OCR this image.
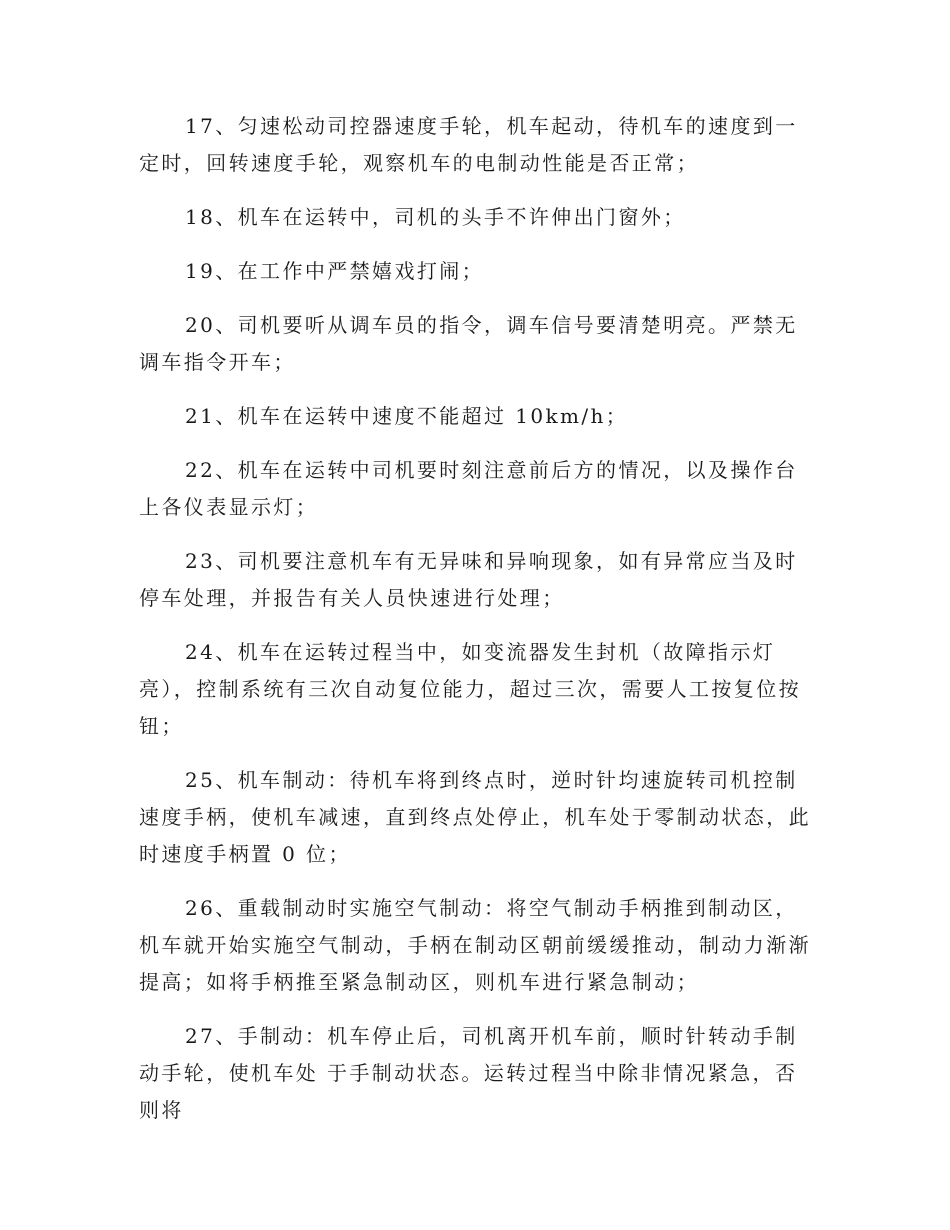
17、匀速松动司控器速度手轮，机车起动，待机车的速度到一定时，回转速度手轮，观察机车的电制动性能是否正常；

18、机车在运转中，司机的头手不许伸出门窗外；

19、在工作中严禁嬉戏打闹；

20、司机要听从调车员的指令，调车信号要清楚明亮。严禁无调车指令开车；

21、机车在运转中速度不能超过 10km/h；

22、机车在运转中司机要时刻注意前后方的情况，以及操作台上各仪表显示灯；

23、司机要注意机车有无异味和异响现象，如有异常应当及时停车处理，并报告有关人员快速进行处理；

24、机车在运转过程当中，如变流器发生封机（故障指示灯亮），控制系统有三次自动复位能力，超过三次，需要人工按复位按钮；

25、机车制动：待机车将到终点时，逆时针均速旋转司机控制速度手柄，使机车减速，直到终点处停止，机车处于零制动状态，此时速度手柄置 0 位；

26、重载制动时实施空气制动：将空气制动手柄推到制动区，机车就开始实施空气制动，手柄在制动区朝前缓缓推动，制动力渐渐提高；如将手柄推至紧急制动区，则机车进行紧急制动；

27、手制动：机车停止后，司机离开机车前，顺时针转动手制动手轮，使机车处 于手制动状态。运转过程当中除非情况紧急，否则将
